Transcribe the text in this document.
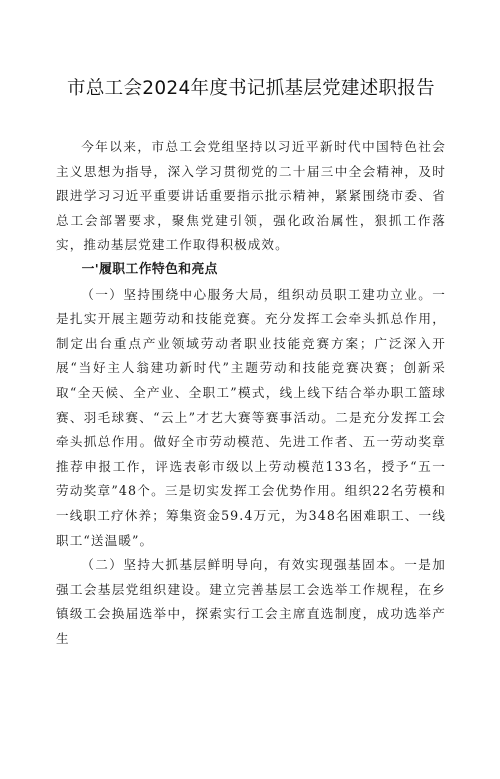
市总工会2024年度书记抓基层党建述职报告

今年以来，市总工会党组坚持以习近平新时代中国特色社会主义思想为指导，深入学习贯彻党的二十届三中全会精神，及时跟进学习习近平重要讲话重要指示批示精神，紧紧围绕市委、省总工会部署要求，聚焦党建引领，强化政治属性，狠抓工作落实，推动基层党建工作取得积极成效。

一'履职工作特色和亮点

（一）坚持围绕中心服务大局，组织动员职工建功立业。一是扎实开展主题劳动和技能竞赛。充分发挥工会牵头抓总作用，制定出台重点产业领域劳动者职业技能竞赛方案；广泛深入开展“当好主人翁建功新时代”主题劳动和技能竞赛决赛；创新采取“全天候、全产业、全职工”模式，线上线下结合举办职工篮球赛、羽毛球赛、“云上”才艺大赛等赛事活动。二是充分发挥工会牵头抓总作用。做好全市劳动模范、先进工作者、五一劳动奖章推荐申报工作，评选表彰市级以上劳动模范133名，授予“五一劳动奖章”48个。三是切实发挥工会优势作用。组织22名劳模和一线职工疗休养；筹集资金59.4万元，为348名困难职工、一线职工“送温暖”。

（二）坚持大抓基层鲜明导向，有效实现强基固本。一是加强工会基层党组织建设。建立完善基层工会选举工作规程，在乡镇级工会换届选举中，探索实行工会主席直选制度，成功选举产生
